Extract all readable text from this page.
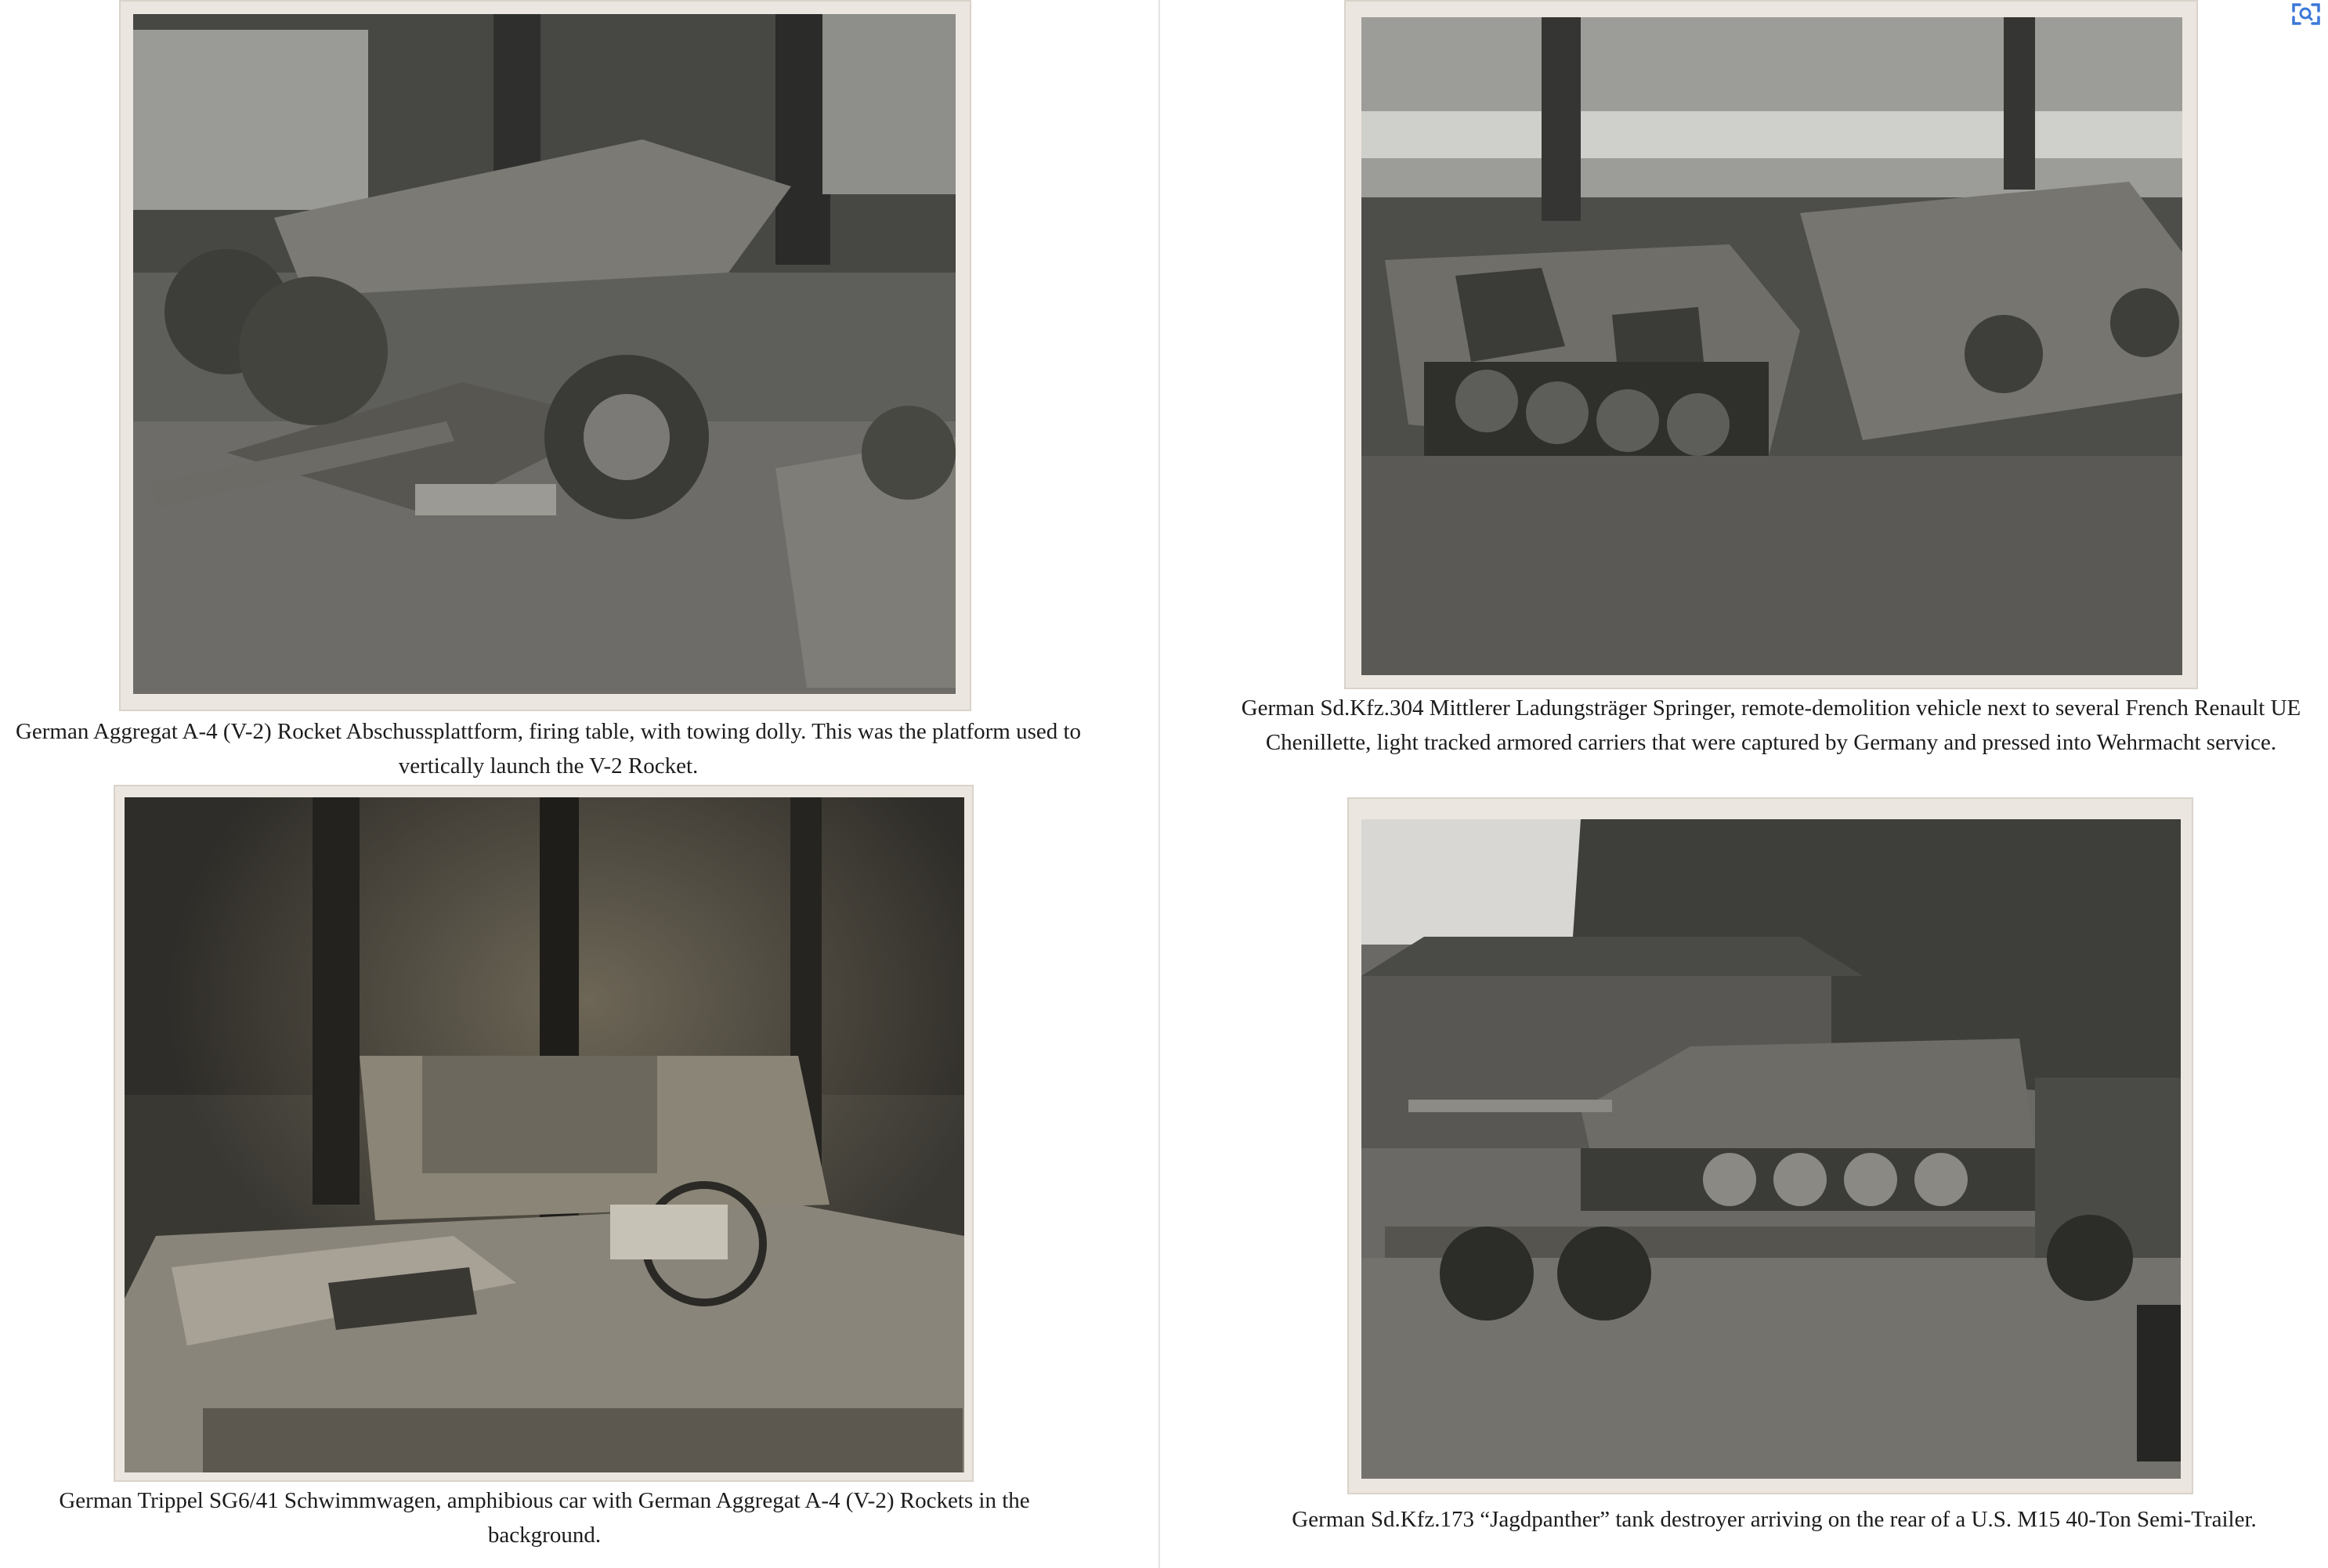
German Aggregat A-4 (V-2) Rocket Abschussplattform, firing table, with towing dolly. This was the platform used to vertically launch the V-2 Rocket.
German Sd.Kfz.304 Mittlerer Ladungsträger Springer, remote-demolition vehicle next to several French Renault UE Chenillette, light tracked armored carriers that were captured by Germany and pressed into Wehrmacht service.
German Trippel SG6/41 Schwimmwagen, amphibious car with German Aggregat A-4 (V-2) Rockets in the background.
German Sd.Kfz.173 “Jagdpanther” tank destroyer arriving on the rear of a U.S. M15 40-Ton Semi-Trailer.
